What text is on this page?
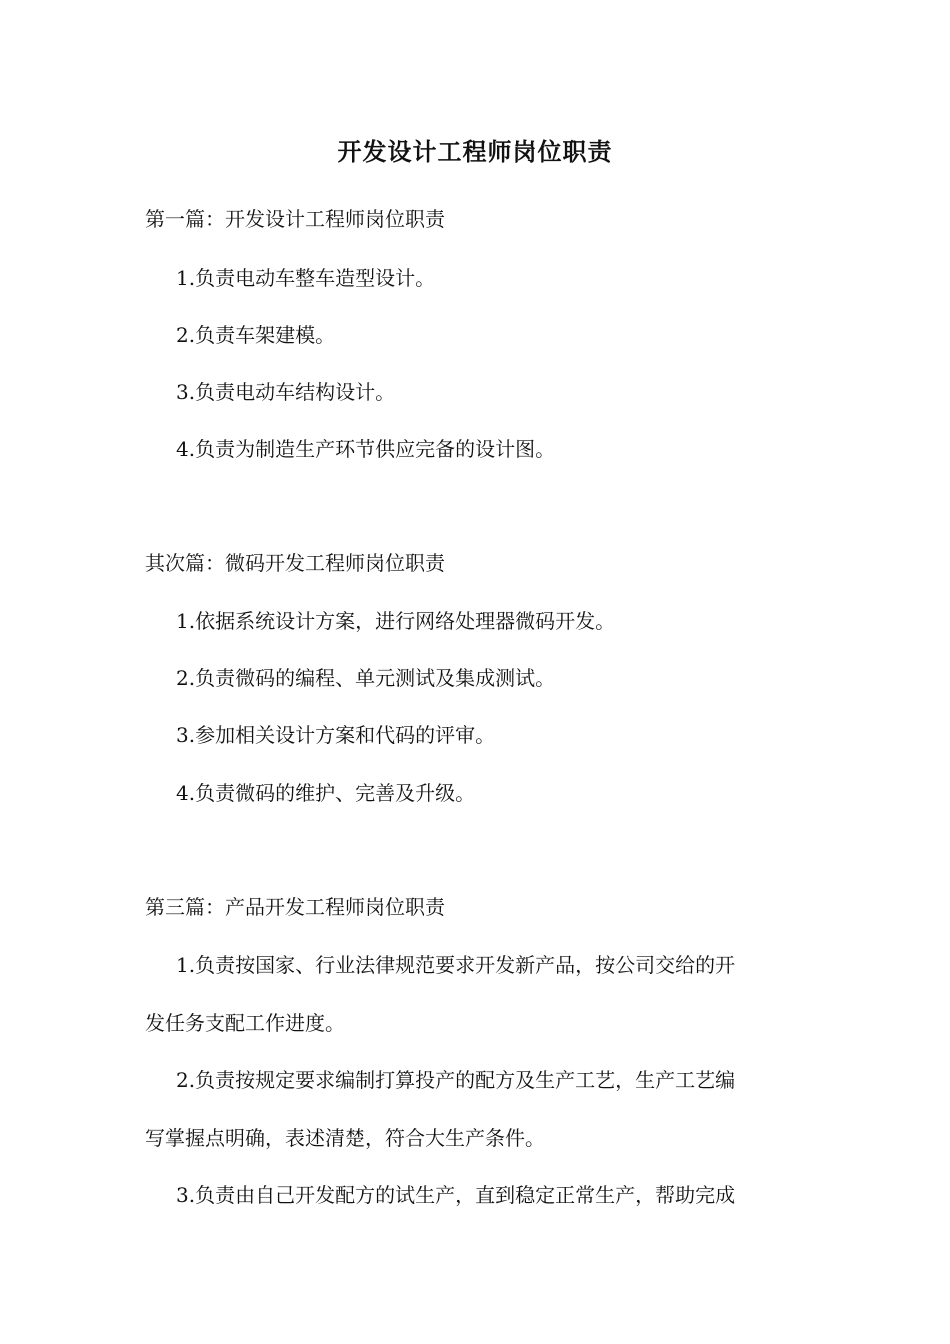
开发设计工程师岗位职责
第一篇：开发设计工程师岗位职责
1.负责电动车整车造型设计。
2.负责车架建模。
3.负责电动车结构设计。
4.负责为制造生产环节供应完备的设计图。
其次篇：微码开发工程师岗位职责
1.依据系统设计方案，进行网络处理器微码开发。
2.负责微码的编程、单元测试及集成测试。
3.参加相关设计方案和代码的评审。
4.负责微码的维护、完善及升级。
第三篇：产品开发工程师岗位职责
1.负责按国家、行业法律规范要求开发新产品，按公司交给的开
发任务支配工作进度。
2.负责按规定要求编制打算投产的配方及生产工艺，生产工艺编
写掌握点明确，表述清楚，符合大生产条件。
3.负责由自己开发配方的试生产，直到稳定正常生产，帮助完成
